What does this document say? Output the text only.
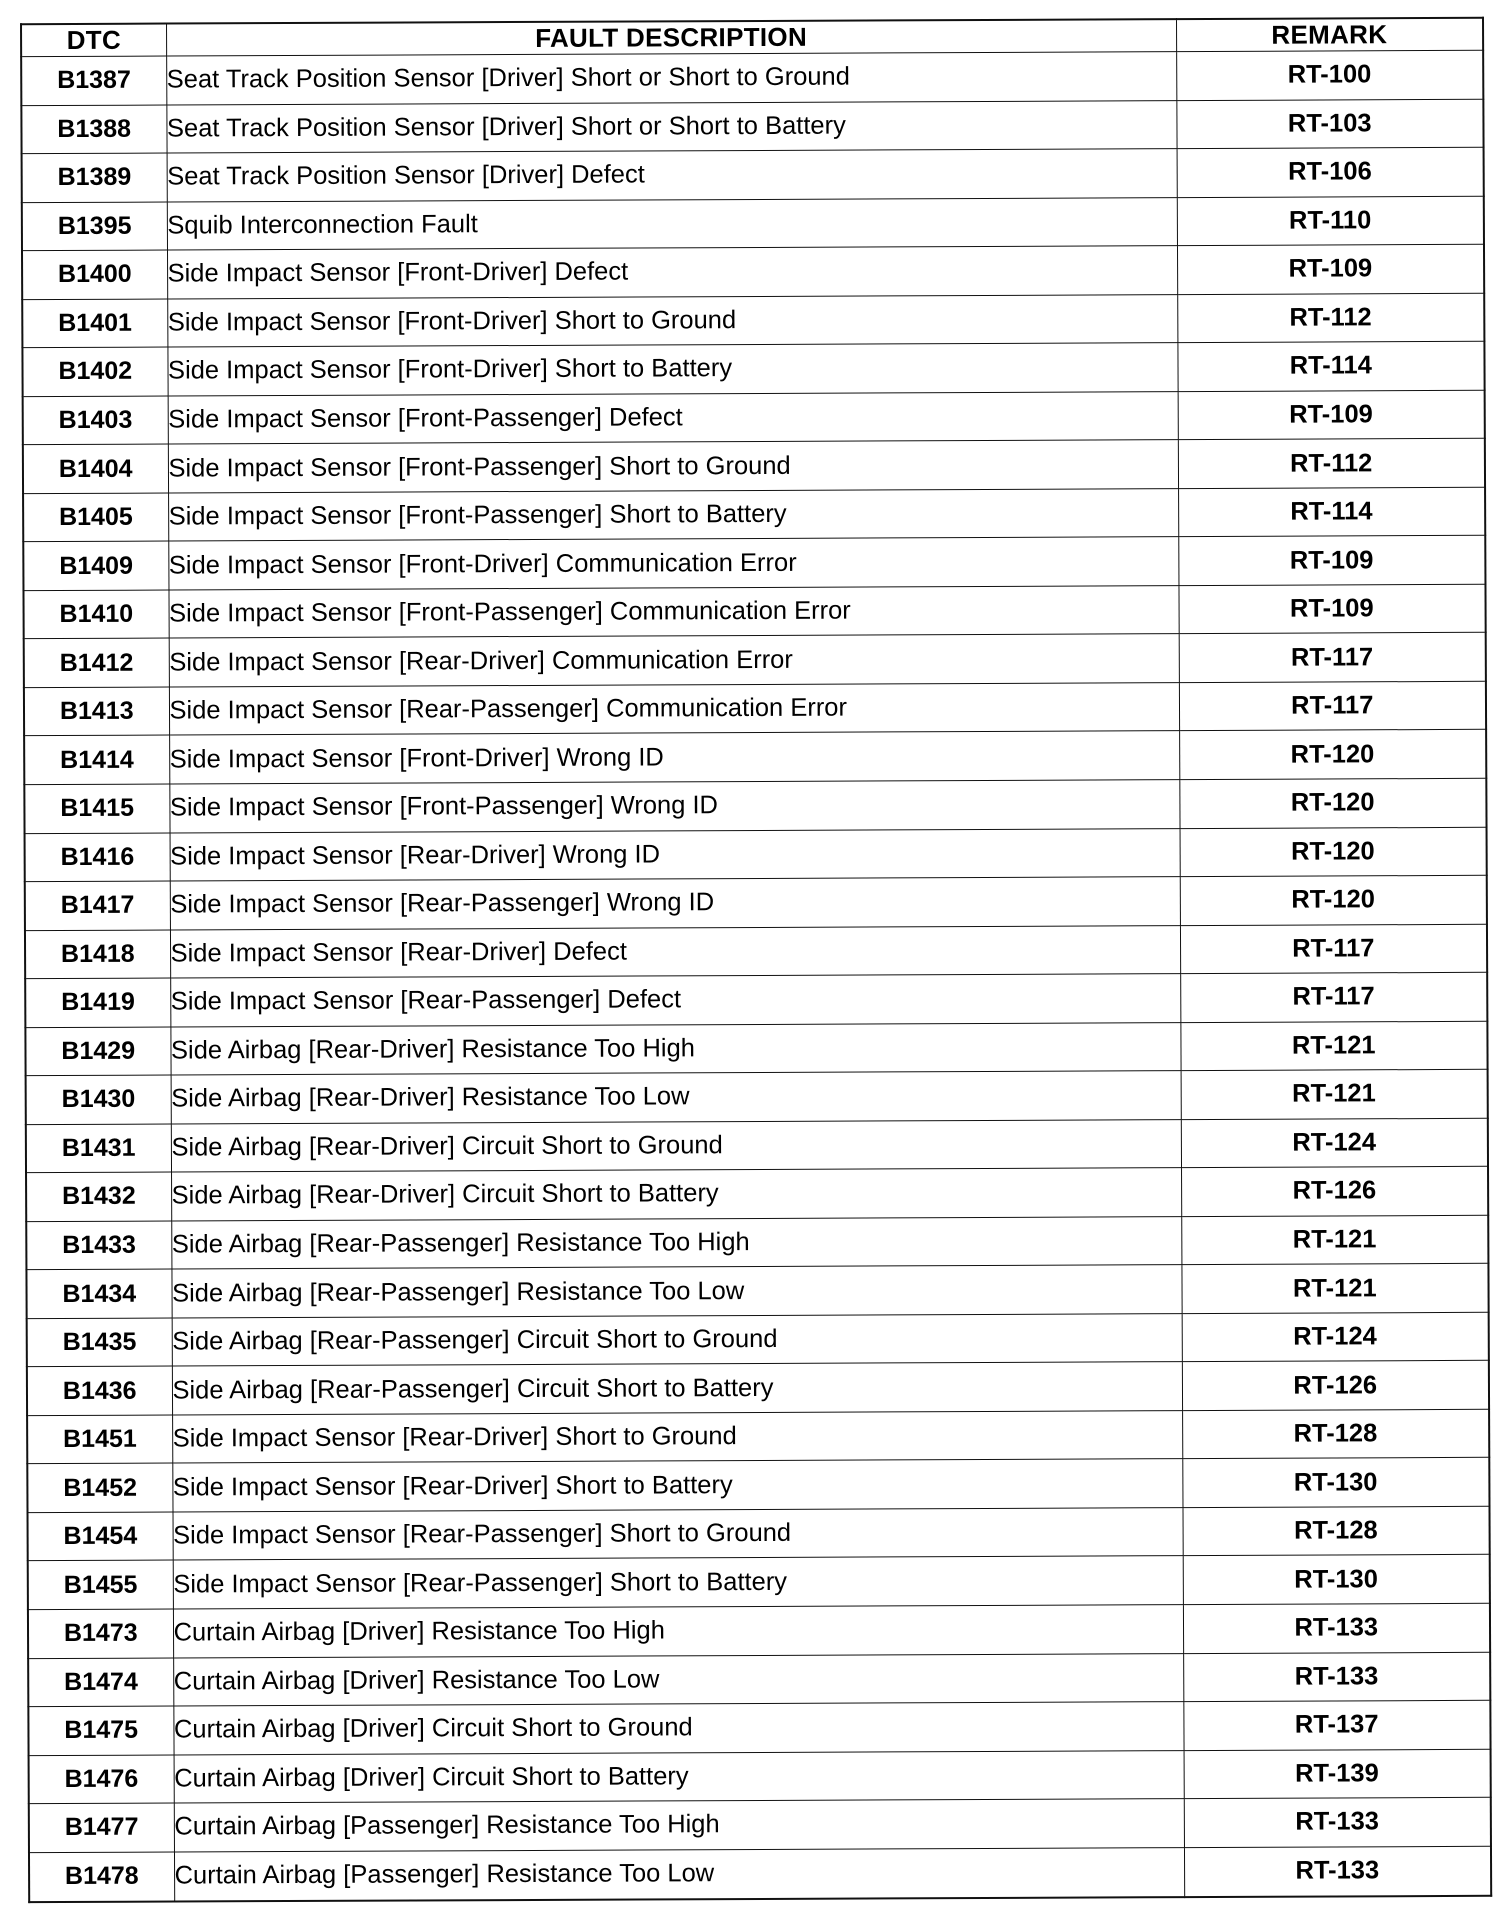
DTC	FAULT DESCRIPTION	REMARK
B1387	Seat Track Position Sensor [Driver] Short or Short to Ground	RT-100
B1388	Seat Track Position Sensor [Driver] Short or Short to Battery	RT-103
B1389	Seat Track Position Sensor [Driver] Defect	RT-106
B1395	Squib Interconnection Fault	RT-110
B1400	Side Impact Sensor [Front-Driver] Defect	RT-109
B1401	Side Impact Sensor [Front-Driver] Short to Ground	RT-112
B1402	Side Impact Sensor [Front-Driver] Short to Battery	RT-114
B1403	Side Impact Sensor [Front-Passenger] Defect	RT-109
B1404	Side Impact Sensor [Front-Passenger] Short to Ground	RT-112
B1405	Side Impact Sensor [Front-Passenger] Short to Battery	RT-114
B1409	Side Impact Sensor [Front-Driver] Communication Error	RT-109
B1410	Side Impact Sensor [Front-Passenger] Communication Error	RT-109
B1412	Side Impact Sensor [Rear-Driver] Communication Error	RT-117
B1413	Side Impact Sensor [Rear-Passenger] Communication Error	RT-117
B1414	Side Impact Sensor [Front-Driver] Wrong ID	RT-120
B1415	Side Impact Sensor [Front-Passenger] Wrong ID	RT-120
B1416	Side Impact Sensor [Rear-Driver] Wrong ID	RT-120
B1417	Side Impact Sensor [Rear-Passenger] Wrong ID	RT-120
B1418	Side Impact Sensor [Rear-Driver] Defect	RT-117
B1419	Side Impact Sensor [Rear-Passenger] Defect	RT-117
B1429	Side Airbag [Rear-Driver] Resistance Too High	RT-121
B1430	Side Airbag [Rear-Driver] Resistance Too Low	RT-121
B1431	Side Airbag [Rear-Driver] Circuit Short to Ground	RT-124
B1432	Side Airbag [Rear-Driver] Circuit Short to Battery	RT-126
B1433	Side Airbag [Rear-Passenger] Resistance Too High	RT-121
B1434	Side Airbag [Rear-Passenger] Resistance Too Low	RT-121
B1435	Side Airbag [Rear-Passenger] Circuit Short to Ground	RT-124
B1436	Side Airbag [Rear-Passenger] Circuit Short to Battery	RT-126
B1451	Side Impact Sensor [Rear-Driver] Short to Ground	RT-128
B1452	Side Impact Sensor [Rear-Driver] Short to Battery	RT-130
B1454	Side Impact Sensor [Rear-Passenger] Short to Ground	RT-128
B1455	Side Impact Sensor [Rear-Passenger] Short to Battery	RT-130
B1473	Curtain Airbag [Driver] Resistance Too High	RT-133
B1474	Curtain Airbag [Driver] Resistance Too Low	RT-133
B1475	Curtain Airbag [Driver] Circuit Short to Ground	RT-137
B1476	Curtain Airbag [Driver] Circuit Short to Battery	RT-139
B1477	Curtain Airbag [Passenger] Resistance Too High	RT-133
B1478	Curtain Airbag [Passenger] Resistance Too Low	RT-133
